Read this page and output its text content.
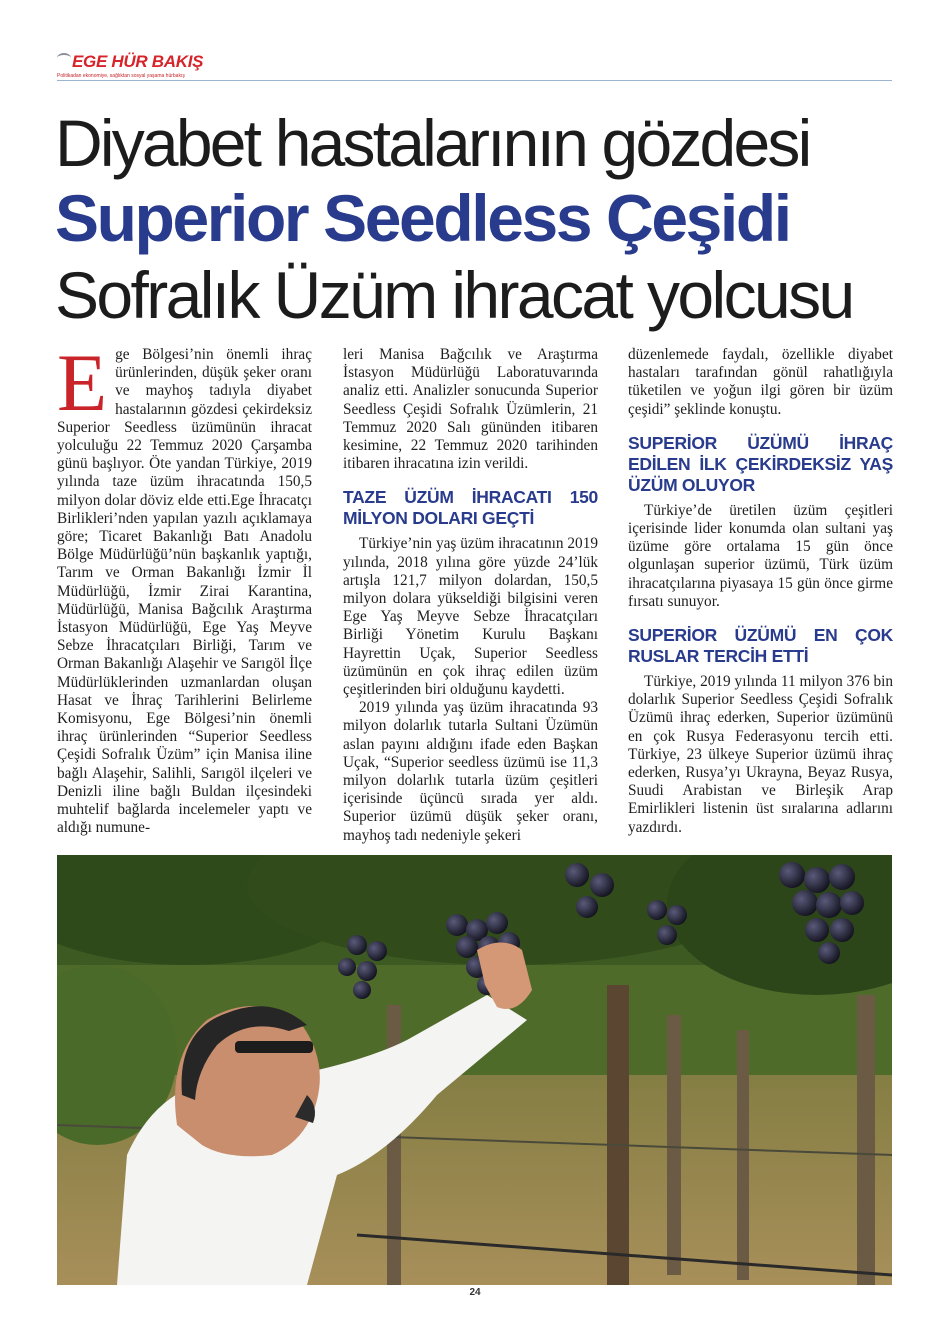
EGE HÜR BAKIŞ
Politikadan ekonomiye, sağlıktan sosyal yaşama hürbakış
Diyabet hastalarının gözdesi
Superior Seedless Çeşidi
Sofralık Üzüm ihracat yolcusu

Ege Bölgesi’nin önemli ihraç ürünlerinden, düşük şeker oranı ve mayhoş tadıyla diyabet hastalarının gözdesi çekirdeksiz Superior Seedless üzümünün ihracat yolculuğu 22 Temmuz 2020 Çarşamba günü başlıyor. Öte yandan Türkiye, 2019 yılında taze üzüm ihracatında 150,5 milyon dolar döviz elde etti.Ege İhracatçı Birlikleri’nden yapılan yazılı açıklamaya göre; Ticaret Bakanlığı Batı Anadolu Bölge Müdürlüğü’nün başkanlık yaptığı, Tarım ve Orman Bakanlığı İzmir İl Müdürlüğü, İzmir Zirai Karantina, Müdürlüğü, Manisa Bağcılık Araştırma İstasyon Müdürlüğü, Ege Yaş Meyve Sebze İhracatçıları Birliği, Tarım ve Orman Bakanlığı Alaşehir ve Sarıgöl İlçe Müdürlüklerinden uzmanlardan oluşan Hasat ve İhraç Tarihlerini Belirleme Komisyonu, Ege Bölgesi’nin önemli ihraç ürünlerinden “Superior Seedless Çeşidi Sofralık Üzüm” için Manisa iline bağlı Alaşehir, Salihli, Sarıgöl ilçeleri ve Denizli iline bağlı Buldan ilçesindeki muhtelif bağlarda incelemeler yaptı ve aldığı numune-

leri Manisa Bağcılık ve Araştırma İstasyon Müdürlüğü Laboratuvarında analiz etti. Analizler sonucunda Superior Seedless Çeşidi Sofralık Üzümlerin, 21 Temmuz 2020 Salı gününden itibaren kesimine, 22 Temmuz 2020 tarihinden itibaren ihracatına izin verildi.

TAZE ÜZÜM İHRACATI 150 MİLYON DOLARI GEÇTİ

Türkiye’nin yaş üzüm ihracatının 2019 yılında, 2018 yılına göre yüzde 24’lük artışla 121,7 milyon dolardan, 150,5 milyon dolara yükseldiği bilgisini veren Ege Yaş Meyve Sebze İhracatçıları Birliği Yönetim Kurulu Başkanı Hayrettin Uçak, Superior Seedless üzümünün en çok ihraç edilen üzüm çeşitlerinden biri olduğunu kaydetti.

2019 yılında yaş üzüm ihracatında 93 milyon dolarlık tutarla Sultani Üzümün aslan payını aldığını ifade eden Başkan Uçak, “Superior seedless üzümü ise 11,3 milyon dolarlık tutarla üzüm çeşitleri içerisinde üçüncü sırada yer aldı. Superior üzümü düşük şeker oranı, mayhoş tadı nedeniyle şekeri

düzenlemede faydalı, özellikle diyabet hastaları tarafından gönül rahatlığıyla tüketilen ve yoğun ilgi gören bir üzüm çeşidi” şeklinde konuştu.

SUPERİOR ÜZÜMÜ İHRAÇ EDİLEN İLK ÇEKİRDEKSİZ YAŞ ÜZÜM OLUYOR

Türkiye’de üretilen üzüm çeşitleri içerisinde lider konumda olan sultani yaş üzüme göre ortalama 15 gün önce olgunlaşan superior üzümü, Türk üzüm ihracatçılarına piyasaya 15 gün önce girme fırsatı sunuyor.

SUPERİOR ÜZÜMÜ EN ÇOK RUSLAR TERCİH ETTİ

Türkiye, 2019 yılında 11 milyon 376 bin dolarlık Superior Seedless Çeşidi Sofralık Üzümü ihraç ederken, Superior üzümünü en çok Rusya Federasyonu tercih etti. Türkiye, 23 ülkeye Superior üzümü ihraç ederken, Rusya’yı Ukrayna, Beyaz Rusya, Suudi Arabistan ve Birleşik Arap Emirlikleri listenin üst sıralarına adlarını yazdırdı.

24
